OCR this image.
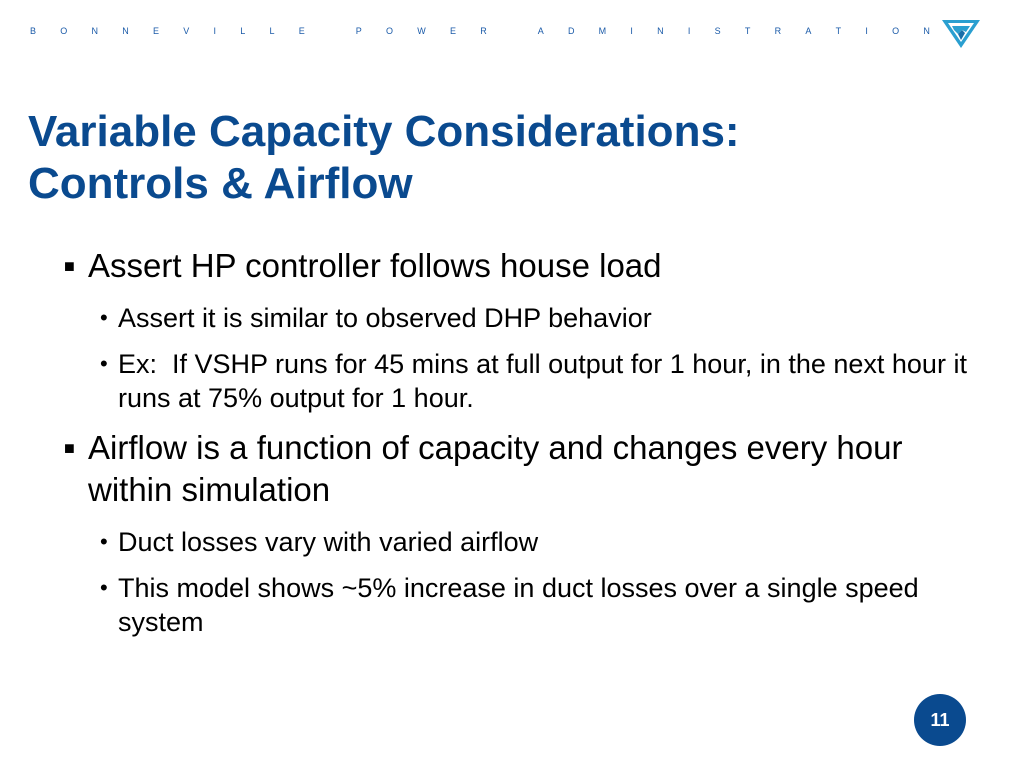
B	O	N	N	E	V	I	L	L	E
	P	O	W	E	R
	A	D	M	I	N	I	S	T	R	A	T	I	O	N
Variable Capacity Considerations:
Controls & Airflow
■ Assert HP controller follows house load
• Assert it is similar to observed DHP behavior
• Ex:  If VSHP runs for 45 mins at full output for 1 hour, in the next hour it runs at 75% output for 1 hour.
■ Airflow is a function of capacity and changes every hour within simulation
• Duct losses vary with varied airflow
• This model shows ~5% increase in duct losses over a single speed system
11
